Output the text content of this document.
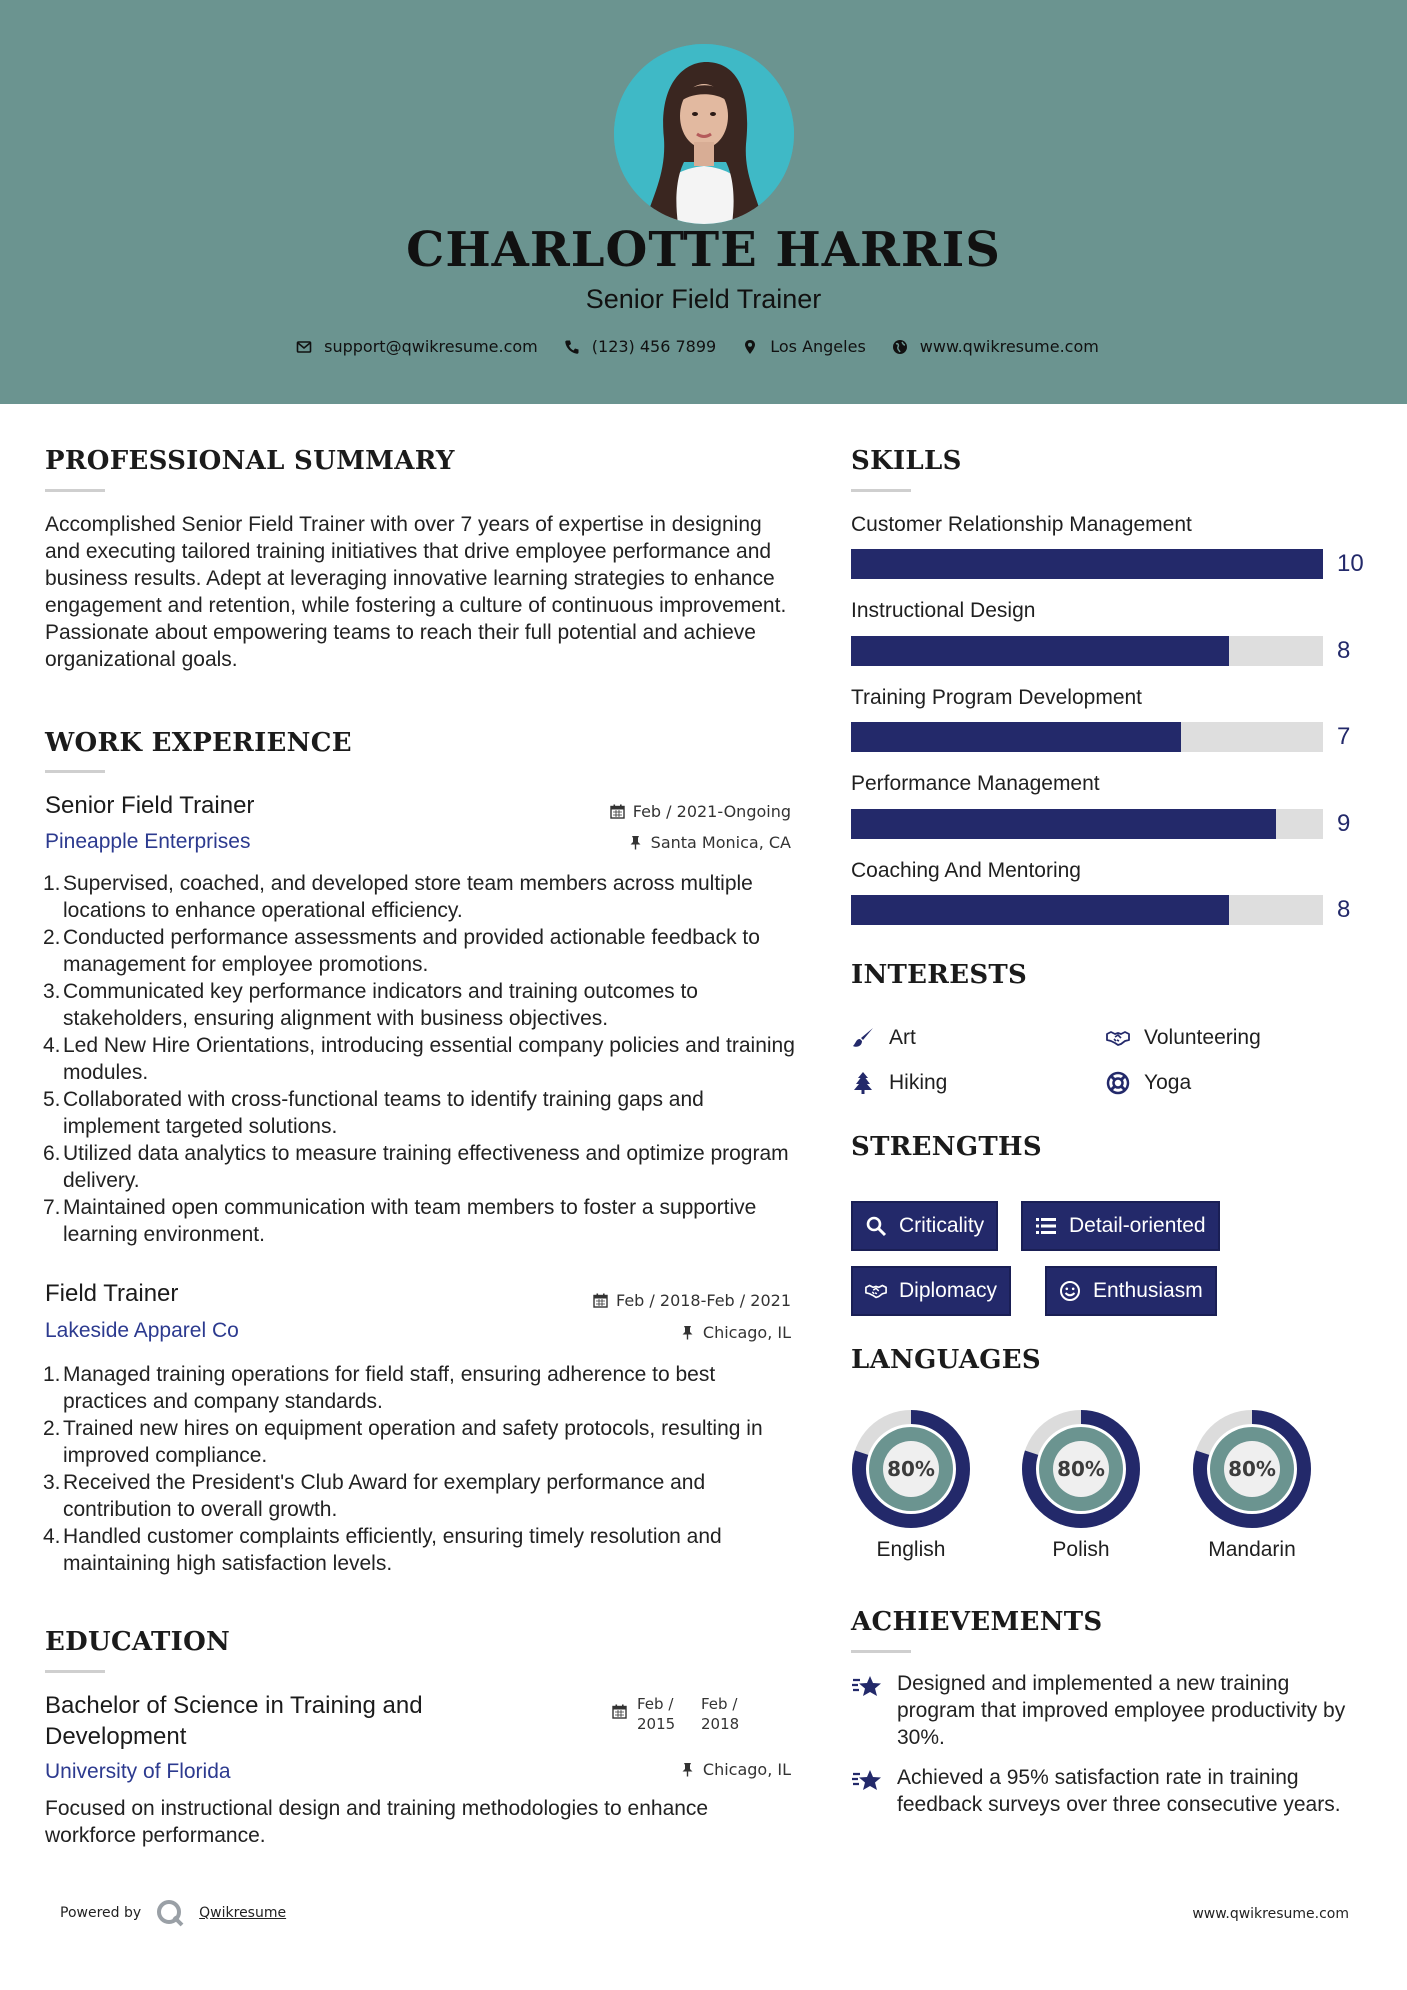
CHARLOTTE HARRIS
Senior Field Trainer
support@qwikresume.com	(123) 456 7899	Los Angeles	www.qwikresume.com
PROFESSIONAL SUMMARY
Accomplished Senior Field Trainer with over 7 years of expertise in designing and executing tailored training initiatives that drive employee performance and business results. Adept at leveraging innovative learning strategies to enhance engagement and retention, while fostering a culture of continuous improvement. Passionate about empowering teams to reach their full potential and achieve organizational goals.
WORK EXPERIENCE
Senior Field Trainer	Feb / 2021-Ongoing
Pineapple Enterprises	Santa Monica, CA
1. Supervised, coached, and developed store team members across multiple locations to enhance operational efficiency.
2. Conducted performance assessments and provided actionable feedback to management for employee promotions.
3. Communicated key performance indicators and training outcomes to stakeholders, ensuring alignment with business objectives.
4. Led New Hire Orientations, introducing essential company policies and training modules.
5. Collaborated with cross-functional teams to identify training gaps and implement targeted solutions.
6. Utilized data analytics to measure training effectiveness and optimize program delivery.
7. Maintained open communication with team members to foster a supportive learning environment.
Field Trainer	Feb / 2018-Feb / 2021
Lakeside Apparel Co	Chicago, IL
1. Managed training operations for field staff, ensuring adherence to best practices and company standards.
2. Trained new hires on equipment operation and safety protocols, resulting in improved compliance.
3. Received the President's Club Award for exemplary performance and contribution to overall growth.
4. Handled customer complaints efficiently, ensuring timely resolution and maintaining high satisfaction levels.
EDUCATION
Bachelor of Science in Training and Development
Feb / 2015
Feb / 2018
University of Florida	Chicago, IL
Focused on instructional design and training methodologies to enhance workforce performance.
SKILLS
Customer Relationship Management
10
Instructional Design
8
Training Program Development
7
Performance Management
9
Coaching And Mentoring
8
INTERESTS
Art	Volunteering
Hiking	Yoga
STRENGTHS
Criticality	Detail-oriented
Diplomacy	Enthusiasm
LANGUAGES
80%
English
80%
Polish
80%
Mandarin
ACHIEVEMENTS
Designed and implemented a new training program that improved employee productivity by 30%.
Achieved a 95% satisfaction rate in training feedback surveys over three consecutive years.
Powered by	Qwikresume	www.qwikresume.com
